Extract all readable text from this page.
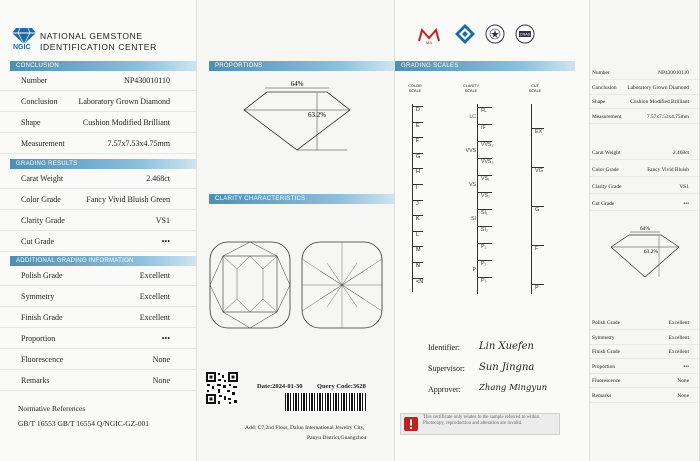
NGIC
NATIONAL GEMSTONE
IDENTIFICATION CENTER
CONCLUSION
Number	NP430010110
Conclusion	Laboratory Grown Diamond
Shape	Cushion Modified Brilliant
Measurement	7.57x7.53x4.75mm
GRADING RESULTS
Carat Weight	2.468ct
Color Grade	Fancy Vivid Bluish Green
Clarity Grade	VS1
Cut Grade	•••
ADDITIONAL GRADING INFORMATION
Polish Grade	Excellent
Symmetry	Excellent
Finish Grade	Excellent
Proportion	•••
Fluorescence	None
Remarks	None
Normative References
GB/T 16553 GB/T 16554 Q/NGIC-GZ-001
PROPORTIONS
64%
63.2%
CLARITY CHARACTERISTICS
Date:2024-01-30 Query Code:3628
Add: C7,2nd Floor, Dalun International Jewelry City,
Panyu District,Guangzhou
MA
CNAS
GRADING SCALES
COLOR SCALE
CLARITY SCALE
CUT SCALE
D
E
F
G
H
I
J
K
L
M
N
<N
FL
IF
VVS₁
VVS₂
VS₁
VS₂
SI₁
SI₂
P₁
P₂
P₃
LC
VVS
VS
SI
P
EX
VG
G
F
P
Identifier: Lin Xuefen
Supervisor: Sun Jingna
Approver: Zhang Mingyun
This certificate only relates to the sample referred to within. Photocopy, reproduction and alteration are invalid.
Number	NP430010110
Conclusion Laboratory Grown Diamond
Shape	Cushion Modified Brilliant
Measurement	7.57x7.53x4.75mm
Carat Weight	2.468ct
Color Grade	Fancy Vivid Bluish
Clarity Grade	VS1
Cut Grade	•••
64%
63.2%
Polish Grade	Excellent
Symmetry	Excellent
Finish Grade	Excellent
Proportion	•••
Fluorescence	None
Remarks	None
